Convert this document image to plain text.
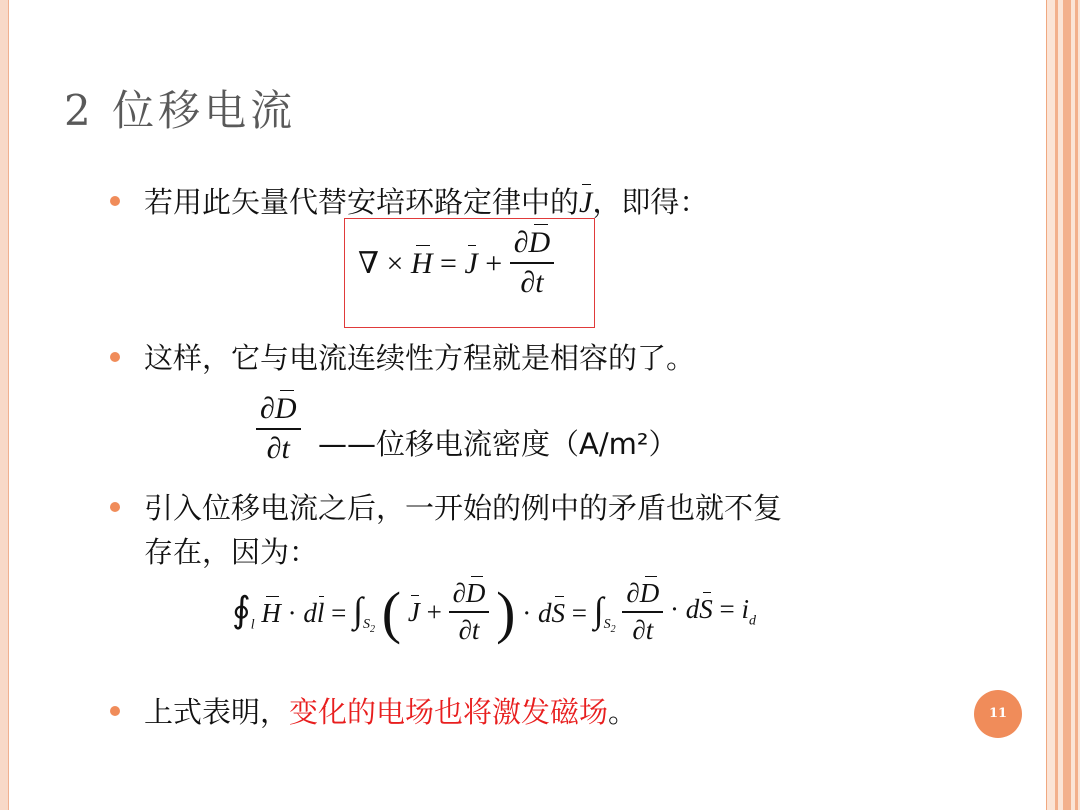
2 位移电流
若用此矢量代替安培环路定律中的J，即得：
∇ × $H = J + \frac{\partial D}{\partial t}$
这样，它与电流连续性方程就是相容的了。
$\frac{\partial D}{\partial t}$ ——位移电流密度（A/m²）
引入位移电流之后，一开始的例中的矛盾也就不复
存在，因为：
$∮_l$ H · dl = $\int_{S_2}$ ( $J + \frac{\partial D}{\partial t}$ ) · dS = $\int_{S_2} \frac{\partial D}{\partial t}$ · dS = $i_d$
上式表明，变化的电场也将激发磁场。	11
